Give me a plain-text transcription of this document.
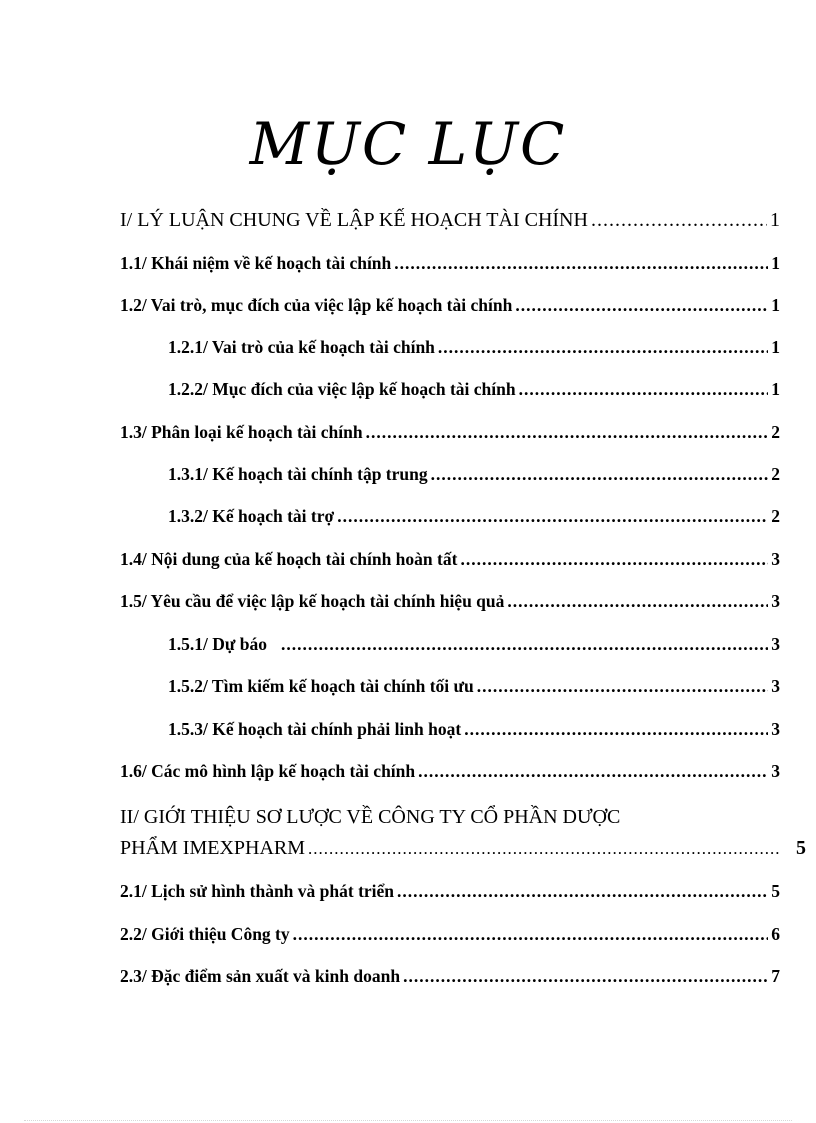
MỤC LỤC
I/ LÝ LUẬN CHUNG VỀ LẬP KẾ HOẠCH TÀI CHÍNH .....	1
1.1/ Khái niệm về kế hoạch tài chính .....	1
1.2/ Vai trò, mục đích của việc lập kế hoạch tài chính .....	1
1.2.1/ Vai trò của kế hoạch tài chính .....	1
1.2.2/ Mục đích của việc lập kế hoạch tài chính .....	1
1.3/ Phân loại kế hoạch tài chính .....	2
1.3.1/ Kế hoạch tài chính tập trung .....	2
1.3.2/ Kế hoạch tài trợ .....	2
1.4/ Nội dung của kế hoạch tài chính hoàn tất .....	3
1.5/ Yêu cầu để việc lập kế hoạch tài chính hiệu quả .....	3
1.5.1/ Dự báo .....	3
1.5.2/ Tìm kiếm kế hoạch tài chính tối ưu .....	3
1.5.3/ Kế hoạch tài chính phải linh hoạt .....	3
1.6/ Các mô hình lập kế hoạch tài chính .....	3
II/ GIỚI THIỆU SƠ LƯỢC VỀ CÔNG TY CỔ PHẦN DƯỢC
PHẨM IMEXPHARM .....	5
2.1/ Lịch sử hình thành và phát triển .....	5
2.2/ Giới thiệu Công ty .....	6
2.3/ Đặc điểm sản xuất và kinh doanh .....	7
